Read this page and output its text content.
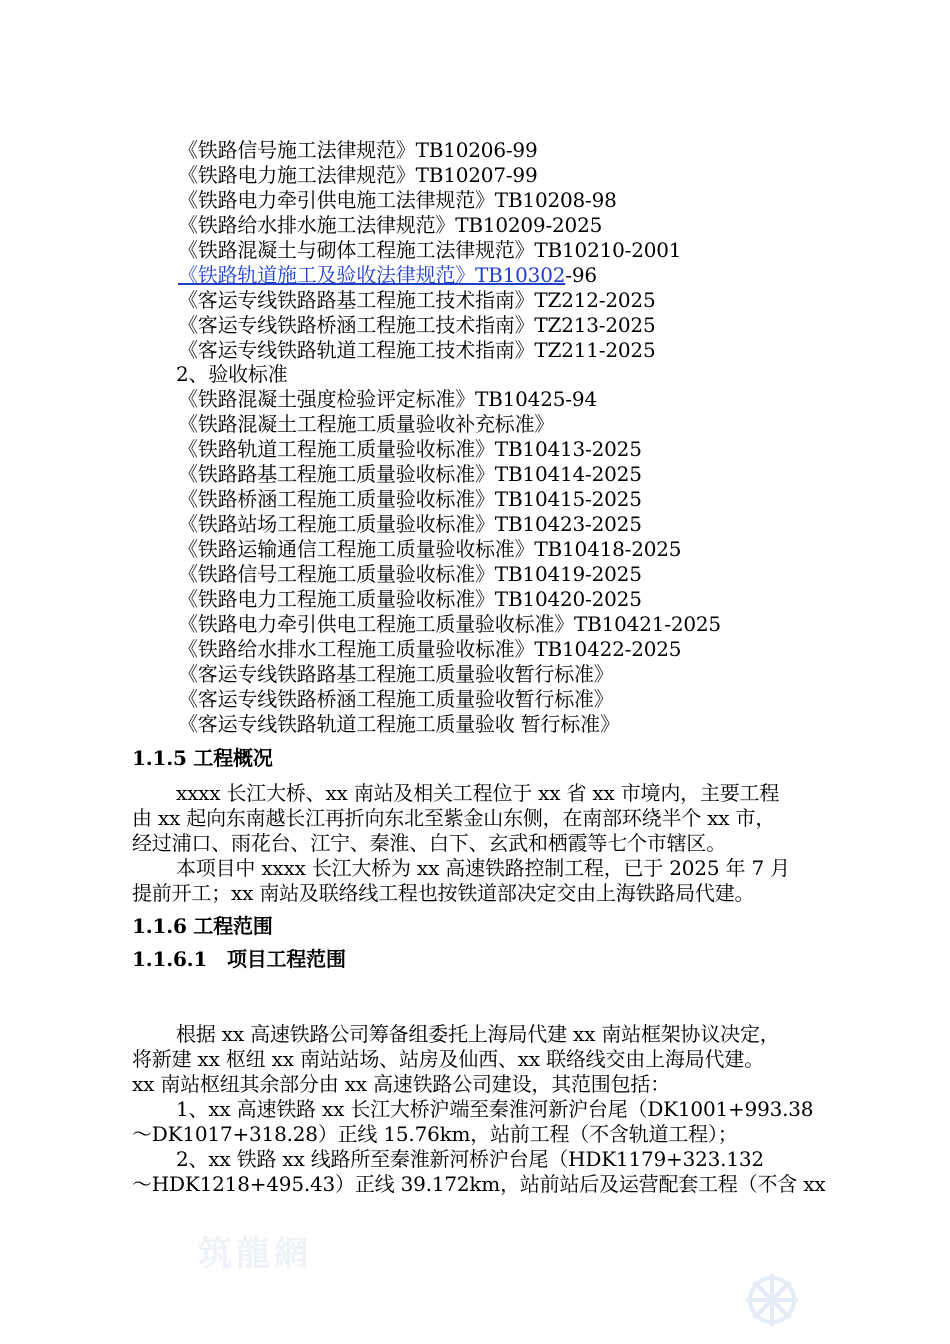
《铁路信号施工法律规范》TB10206-99
《铁路电力施工法律规范》TB10207-99
《铁路电力牵引供电施工法律规范》TB10208-98
《铁路给水排水施工法律规范》TB10209-2025
《铁路混凝土与砌体工程施工法律规范》TB10210-2001
《铁路轨道施工及验收法律规范》TB10302-96
《客运专线铁路路基工程施工技术指南》TZ212-2025
《客运专线铁路桥涵工程施工技术指南》TZ213-2025
《客运专线铁路轨道工程施工技术指南》TZ211-2025
2、验收标准
《铁路混凝土强度检验评定标准》TB10425-94
《铁路混凝土工程施工质量验收补充标准》
《铁路轨道工程施工质量验收标准》TB10413-2025
《铁路路基工程施工质量验收标准》TB10414-2025
《铁路桥涵工程施工质量验收标准》TB10415-2025
《铁路站场工程施工质量验收标准》TB10423-2025
《铁路运输通信工程施工质量验收标准》TB10418-2025
《铁路信号工程施工质量验收标准》TB10419-2025
《铁路电力工程施工质量验收标准》TB10420-2025
《铁路电力牵引供电工程施工质量验收标准》TB10421-2025
《铁路给水排水工程施工质量验收标准》TB10422-2025
《客运专线铁路路基工程施工质量验收暂行标准》
《客运专线铁路桥涵工程施工质量验收暂行标准》
《客运专线铁路轨道工程施工质量验收 暂行标准》
1.1.5 工程概况
xxxx 长江大桥、xx 南站及相关工程位于 xx 省 xx 市境内，主要工程
由 xx 起向东南越长江再折向东北至紫金山东侧，在南部环绕半个 xx 市，
经过浦口、雨花台、江宁、秦淮、白下、玄武和栖霞等七个市辖区。
本项目中 xxxx 长江大桥为 xx 高速铁路控制工程，已于 2025 年 7 月
提前开工；xx 南站及联络线工程也按铁道部决定交由上海铁路局代建。
1.1.6 工程范围
1.1.6.1　项目工程范围
根据 xx 高速铁路公司筹备组委托上海局代建 xx 南站框架协议决定，
将新建 xx 枢纽 xx 南站站场、站房及仙西、xx 联络线交由上海局代建。
xx 南站枢纽其余部分由 xx 高速铁路公司建设，其范围包括：
1、xx 高速铁路 xx 长江大桥沪端至秦淮河新沪台尾（DK1001+993.38
～DK1017+318.28）正线 15.76km，站前工程（不含轨道工程）；
2、xx 铁路 xx 线路所至秦淮新河桥沪台尾（HDK1179+323.132
～HDK1218+495.43）正线 39.172km，站前站后及运营配套工程（不含 xx
筑龍網
